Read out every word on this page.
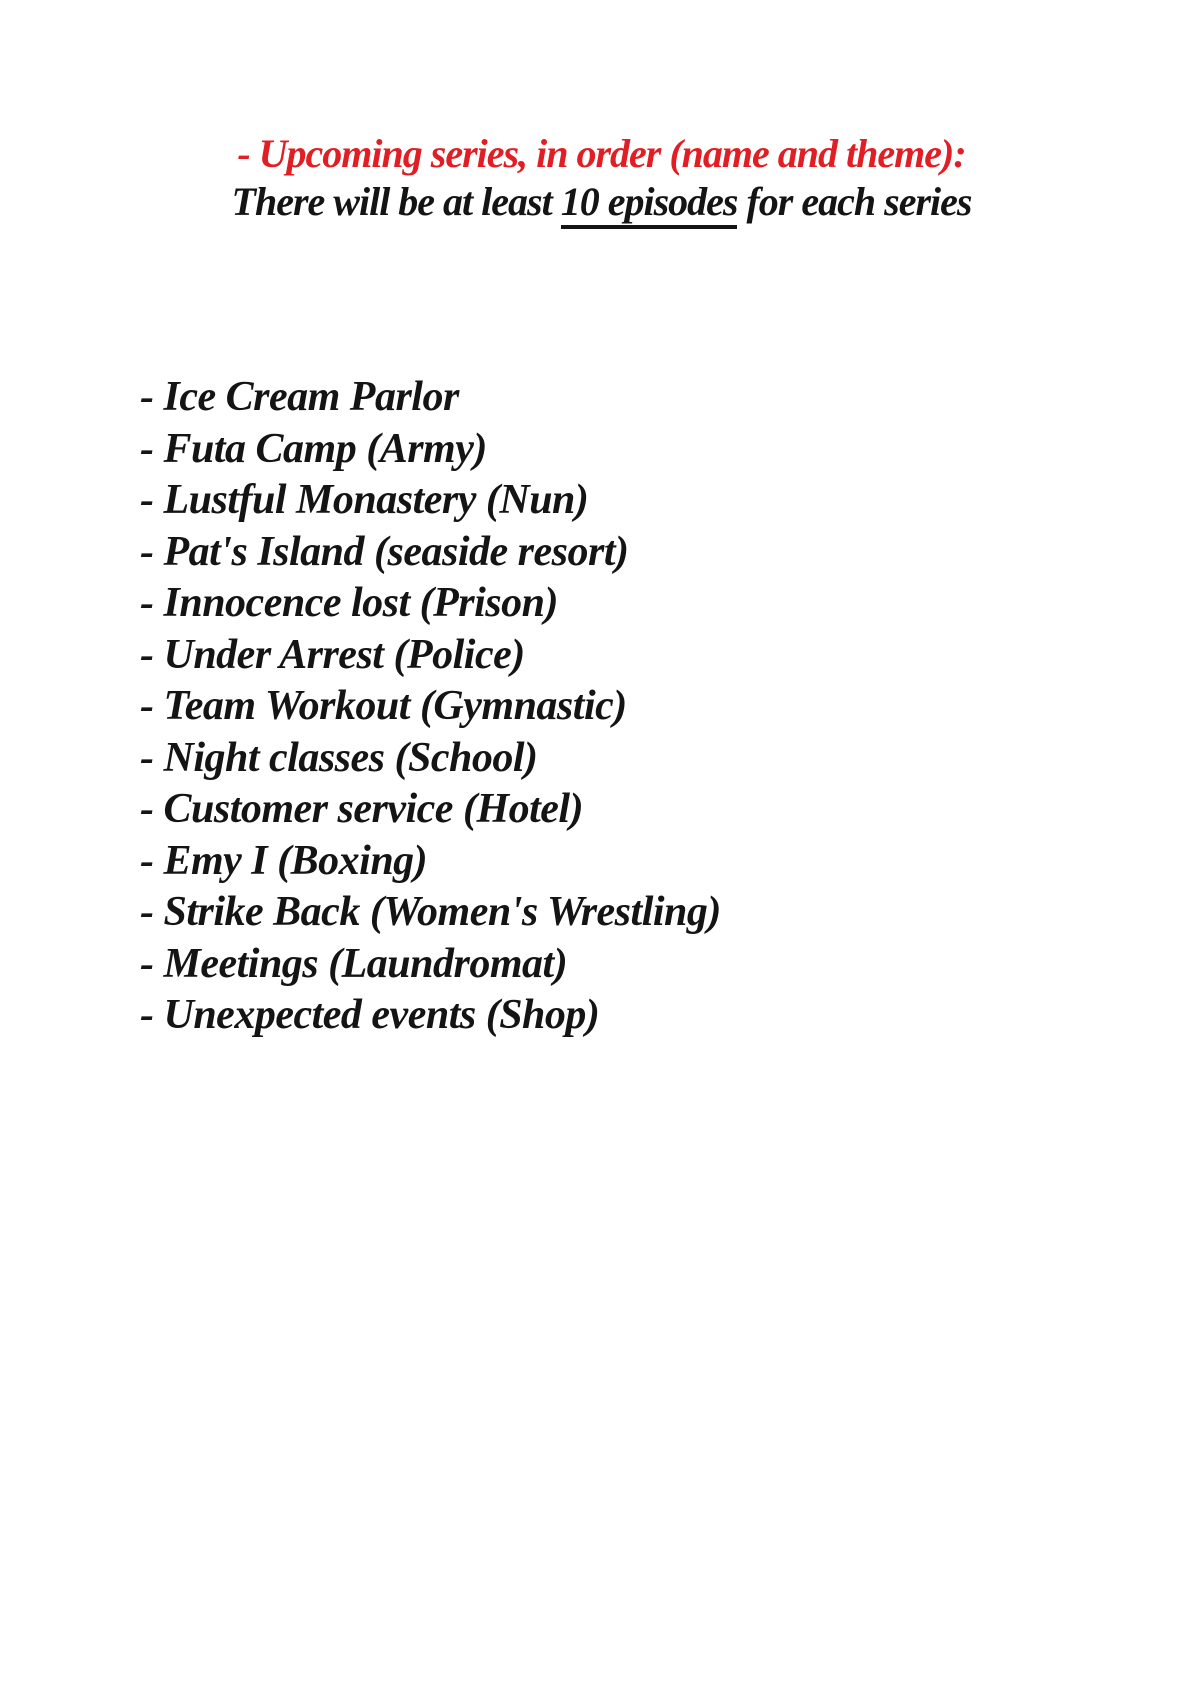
- Upcoming series, in order (name and theme):
There will be at least 10 episodes for each series
- Ice Cream Parlor
- Futa Camp (Army)
- Lustful Monastery (Nun)
- Pat's Island (seaside resort)
- Innocence lost (Prison)
- Under Arrest (Police)
- Team Workout (Gymnastic)
- Night classes (School)
- Customer service (Hotel)
- Emy I (Boxing)
- Strike Back (Women's Wrestling)
- Meetings (Laundromat)
- Unexpected events (Shop)
